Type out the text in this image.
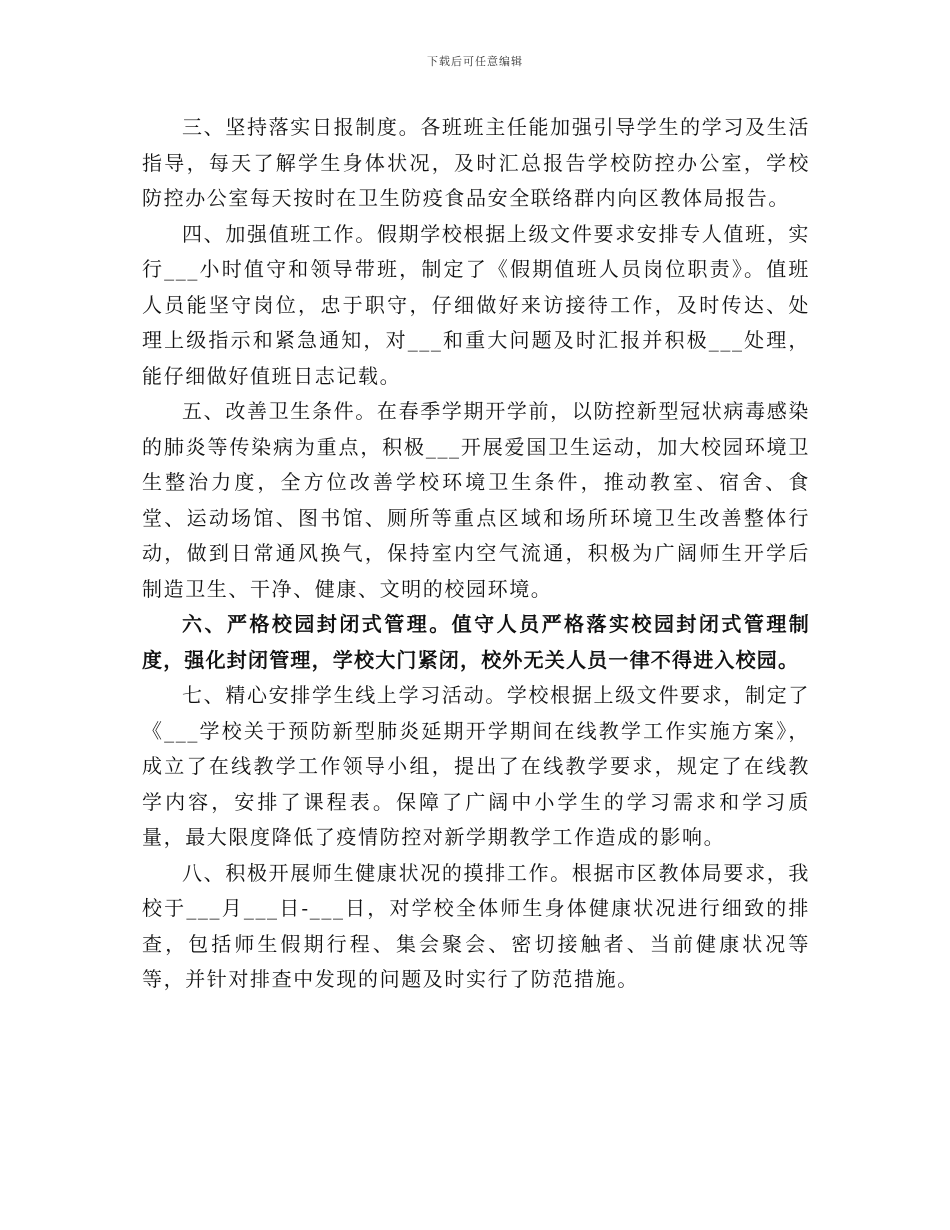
下载后可任意编辑

三、坚持落实日报制度。各班班主任能加强引导学生的学习及生活指导，每天了解学生身体状况，及时汇总报告学校防控办公室，学校防控办公室每天按时在卫生防疫食品安全联络群内向区教体局报告。

四、加强值班工作。假期学校根据上级文件要求安排专人值班，实行___小时值守和领导带班，制定了《假期值班人员岗位职责》。值班人员能坚守岗位，忠于职守，仔细做好来访接待工作，及时传达、处理上级指示和紧急通知，对___和重大问题及时汇报并积极___处理，能仔细做好值班日志记载。

五、改善卫生条件。在春季学期开学前，以防控新型冠状病毒感染的肺炎等传染病为重点，积极___开展爱国卫生运动，加大校园环境卫生整治力度，全方位改善学校环境卫生条件，推动教室、宿舍、食堂、运动场馆、图书馆、厕所等重点区域和场所环境卫生改善整体行动，做到日常通风换气，保持室内空气流通，积极为广阔师生开学后制造卫生、干净、健康、文明的校园环境。

六、严格校园封闭式管理。值守人员严格落实校园封闭式管理制度，强化封闭管理，学校大门紧闭，校外无关人员一律不得进入校园。

七、精心安排学生线上学习活动。学校根据上级文件要求，制定了《___学校关于预防新型肺炎延期开学期间在线教学工作实施方案》，成立了在线教学工作领导小组，提出了在线教学要求，规定了在线教学内容，安排了课程表。保障了广阔中小学生的学习需求和学习质量，最大限度降低了疫情防控对新学期教学工作造成的影响。

八、积极开展师生健康状况的摸排工作。根据市区教体局要求，我校于___月___日-___日，对学校全体师生身体健康状况进行细致的排查，包括师生假期行程、集会聚会、密切接触者、当前健康状况等等，并针对排查中发现的问题及时实行了防范措施。
